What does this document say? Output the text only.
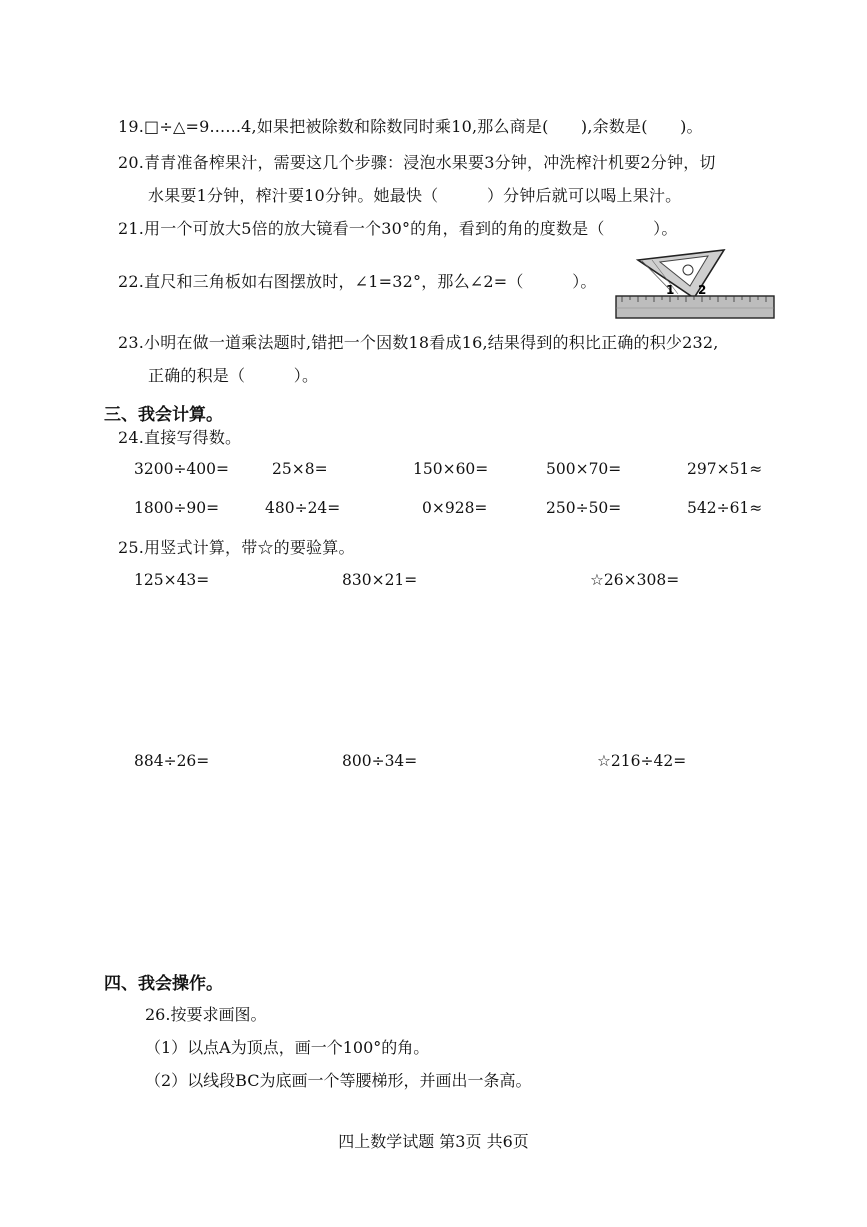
19.□÷△=9......4,如果把被除数和除数同时乘10,那么商是(　　),余数是(　　)。
20.青青准备榨果汁，需要这几个步骤：浸泡水果要3分钟，冲洗榨汁机要2分钟，切
水果要1分钟，榨汁要10分钟。她最快（　　　）分钟后就可以喝上果汁。
21.用一个可放大5倍的放大镜看一个30°的角，看到的角的度数是（　　　）。
22.直尺和三角板如右图摆放时，∠1=32°，那么∠2=（　　　）。	1 2
23.小明在做一道乘法题时,错把一个因数18看成16,结果得到的积比正确的积少232,
正确的积是（　　　）。
三、我会计算。
24.直接写得数。
3200÷400=	25×8=	150×60=	500×70=	297×51≈
1800÷90=	480÷24=	0×928=	250÷50=	542÷61≈
25.用竖式计算，带☆的要验算。
125×43=	830×21=	☆26×308=
884÷26=	800÷34=	☆216÷42=
四、我会操作。
26.按要求画图。
（1）以点A为顶点，画一个100°的角。
（2）以线段BC为底画一个等腰梯形，并画出一条高。
四上数学试题 第3页 共6页
